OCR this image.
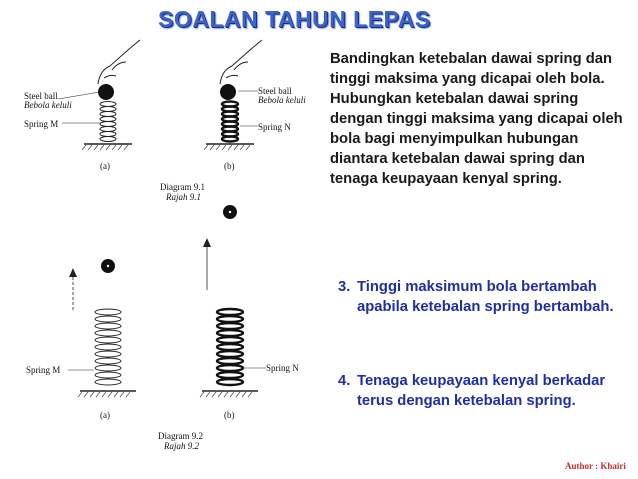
SOALAN TAHUN LEPAS
Steel ball
Bebola keluli
Spring M
(a)
Steel ball
Bebola keluli
Spring N
(b)
Diagram 9.1
Rajah 9.1
Spring M
(a)
Spring N
(b)
Diagram 9.2
Rajah 9.2
Bandingkan ketebalan dawai spring dan tinggi maksima yang dicapai oleh bola. Hubungkan ketebalan dawai spring dengan tinggi maksima yang dicapai oleh bola bagi menyimpulkan hubungan diantara ketebalan dawai spring dan tenaga keupayaan kenyal spring.
3. Tinggi maksimum bola bertambah apabila ketebalan spring bertambah.
4. Tenaga keupayaan kenyal berkadar terus dengan ketebalan spring.
Author : Khairi
